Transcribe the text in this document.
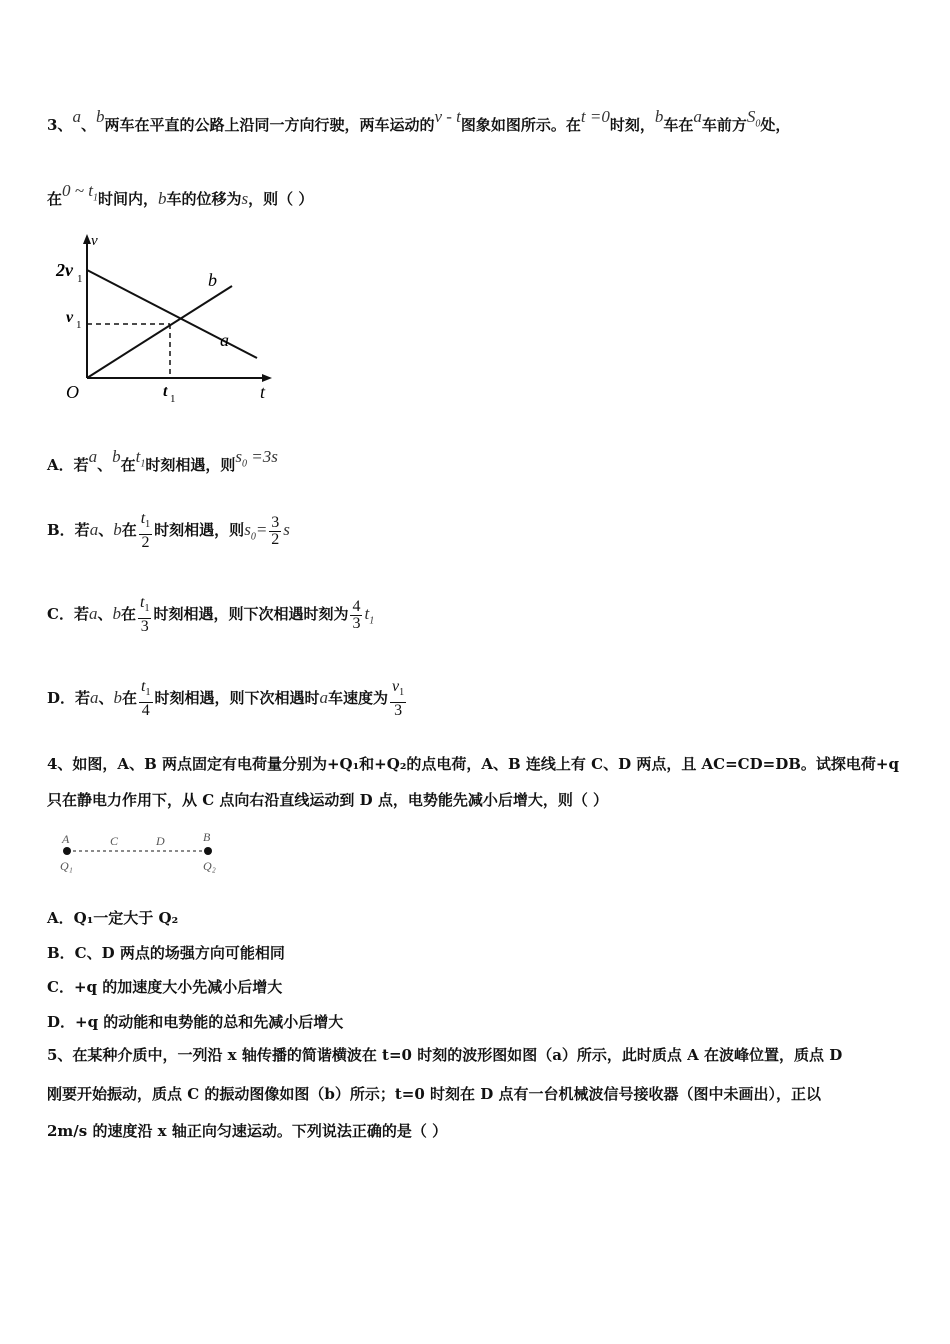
3、a、b两车在平直的公路上沿同一方向行驶，两车运动的v - t图象如图所示。在t =0时刻，b车在a车前方$S_0$处，
在0 ~ $t_1$时间内，b车的位移为s，则（ ）
v
2v 1
v 1
b
a
O	t 1	t
A．若a、b在$t_1$时刻相遇，则$s_0 =3s$
B．若a、b在 $\frac{t_1}{2}$ 时刻相遇，则$s_0= \frac{3}{2}$ s
C．若a、b在 $\frac{t_1}{3}$ 时刻相遇，则下次相遇时刻为 $\frac{4}{3} t_1$
D．若a、b在 $\frac{t_1}{4}$ 时刻相遇，则下次相遇时a车速度为 $\frac{v_1}{3}$
4、如图，A、B 两点固定有电荷量分别为+Q₁和+Q₂的点电荷，A、B 连线上有 C、D 两点，且 AC=CD=DB。试探电荷+q
只在静电力作用下，从 C 点向右沿直线运动到 D 点，电势能先减小后增大，则（ ）
A	C	D	B
Q₁	Q₂
A．Q₁一定大于 Q₂
B．C、D 两点的场强方向可能相同
C．+q 的加速度大小先减小后增大
D．+q 的动能和电势能的总和先减小后增大
5、在某种介质中，一列沿 x 轴传播的简谐横波在 t=0 时刻的波形图如图（a）所示，此时质点 A 在波峰位置，质点 D
刚要开始振动，质点 C 的振动图像如图（b）所示；t=0 时刻在 D 点有一台机械波信号接收器（图中未画出），正以
2m/s 的速度沿 x 轴正向匀速运动。下列说法正确的是（ ）
